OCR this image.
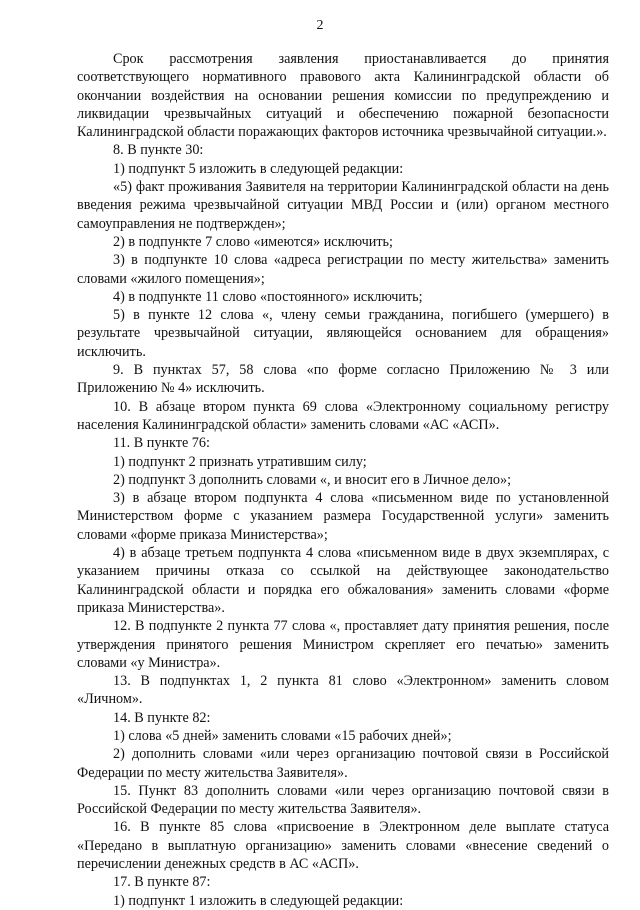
2

Срок рассмотрения заявления приостанавливается до принятия соответствующего нормативного правового акта Калининградской области об окончании воздействия на основании решения комиссии по предупреждению и ликвидации чрезвычайных ситуаций и обеспечению пожарной безопасности Калининградской области поражающих факторов источника чрезвычайной ситуации.».

8. В пункте 30:

1) подпункт 5 изложить в следующей редакции:

«5) факт проживания Заявителя на территории Калининградской области на день введения режима чрезвычайной ситуации МВД России и (или) органом местного самоуправления не подтвержден»;

2) в подпункте 7 слово «имеются» исключить;

3) в подпункте 10 слова «адреса регистрации по месту жительства» заменить словами «жилого помещения»;

4) в подпункте 11 слово «постоянного» исключить;

5) в пункте 12 слова «, члену семьи гражданина, погибшего (умершего) в результате чрезвычайной ситуации, являющейся основанием для обращения» исключить.

9. В пунктах 57, 58 слова «по форме согласно Приложению № 3 или Приложению № 4» исключить.

10. В абзаце втором пункта 69 слова «Электронному социальному регистру населения Калининградской области» заменить словами «АС «АСП».

11. В пункте 76:

1) подпункт 2 признать утратившим силу;

2) подпункт 3 дополнить словами «, и вносит его в Личное дело»;

3) в абзаце втором подпункта 4 слова «письменном виде по установленной Министерством форме с указанием размера Государственной услуги» заменить словами «форме приказа Министерства»;

4) в абзаце третьем подпункта 4 слова «письменном виде в двух экземплярах, с указанием причины отказа со ссылкой на действующее законодательство Калининградской области и порядка его обжалования» заменить словами «форме приказа Министерства».

12. В подпункте 2 пункта 77 слова «, проставляет дату принятия решения, после утверждения принятого решения Министром скрепляет его печатью» заменить словами «у Министра».

13. В подпунктах 1, 2 пункта 81 слово «Электронном» заменить словом «Личном».

14. В пункте 82:

1) слова «5 дней» заменить словами «15 рабочих дней»;

2) дополнить словами «или через организацию почтовой связи в Российской Федерации по месту жительства Заявителя».

15. Пункт 83 дополнить словами «или через организацию почтовой связи в Российской Федерации по месту жительства Заявителя».

16. В пункте 85 слова «присвоение в Электронном деле выплате статуса «Передано в выплатную организацию» заменить словами «внесение сведений о перечислении денежных средств в АС «АСП».

17. В пункте 87:

1) подпункт 1 изложить в следующей редакции:
